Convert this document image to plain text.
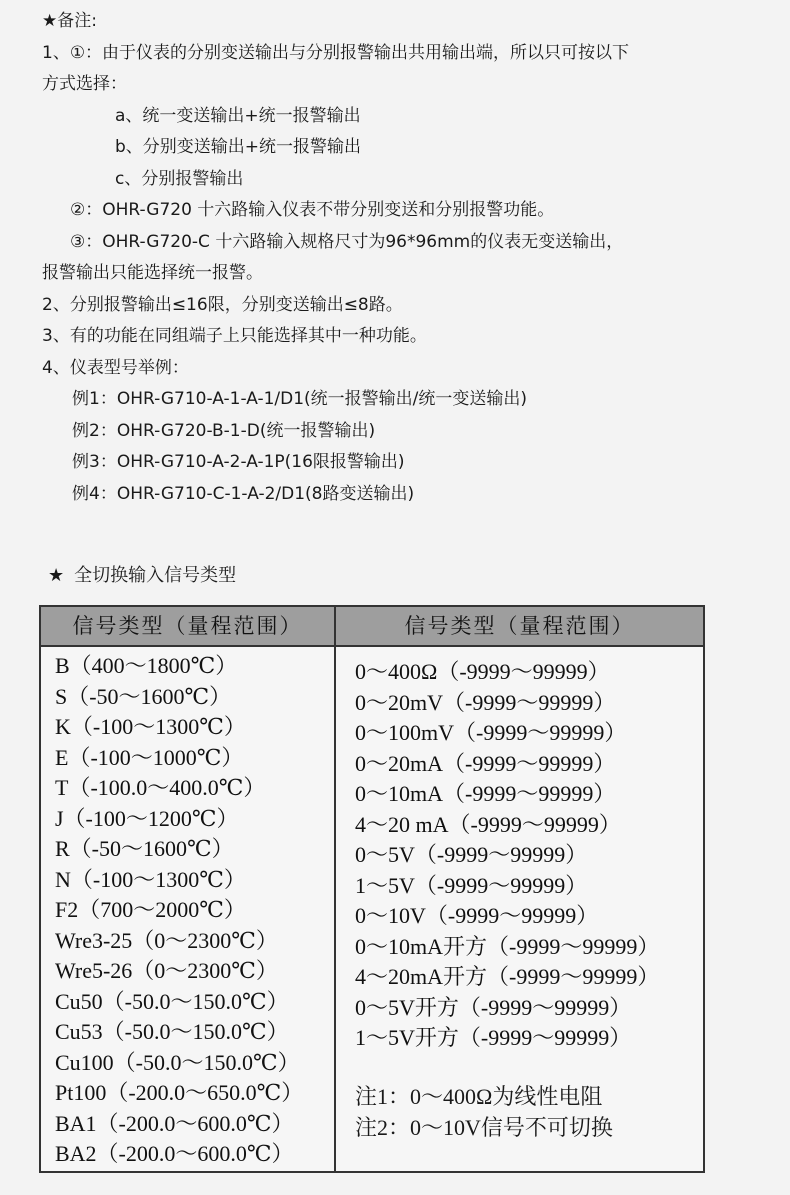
★备注:
1、①：由于仪表的分别变送输出与分别报警输出共用输出端，所以只可按以下
方式选择：
a、统一变送输出+统一报警输出
b、分别变送输出+统一报警输出
c、分别报警输出
②：OHR-G720 十六路输入仪表不带分别变送和分别报警功能。
③：OHR-G720-C 十六路输入规格尺寸为96*96mm的仪表无变送输出，
报警输出只能选择统一报警。
2、分别报警输出≤16限，分别变送输出≤8路。
3、有的功能在同组端子上只能选择其中一种功能。
4、仪表型号举例：
例1：OHR-G710-A-1-A-1/D1(统一报警输出/统一变送输出)
例2：OHR-G720-B-1-D(统一报警输出)
例3：OHR-G710-A-2-A-1P(16限报警输出)
例4：OHR-G710-C-1-A-2/D1(8路变送输出)
★ 全切换输入信号类型
信号类型（量程范围）	信号类型（量程范围）
B（400～1800℃）
S（-50～1600℃）
K（-100～1300℃）
E（-100～1000℃）
T（-100.0～400.0℃）
J（-100～1200℃）
R（-50～1600℃）
N（-100～1300℃）
F2（700～2000℃）
Wre3-25（0～2300℃）
Wre5-26（0～2300℃）
Cu50（-50.0～150.0℃）
Cu53（-50.0～150.0℃）
Cu100（-50.0～150.0℃）
Pt100（-200.0～650.0℃）
BA1（-200.0～600.0℃）
BA2（-200.0～600.0℃）
0～400Ω（-9999～99999）
0～20mV（-9999～99999）
0～100mV（-9999～99999）
0～20mA（-9999～99999）
0～10mA（-9999～99999）
4～20 mA（-9999～99999）
0～5V（-9999～99999）
1～5V（-9999～99999）
0～10V（-9999～99999）
0～10mA开方（-9999～99999）
4～20mA开方（-9999～99999）
0～5V开方（-9999～99999）
1～5V开方（-9999～99999）
注1：0～400Ω为线性电阻
注2：0～10V信号不可切换
